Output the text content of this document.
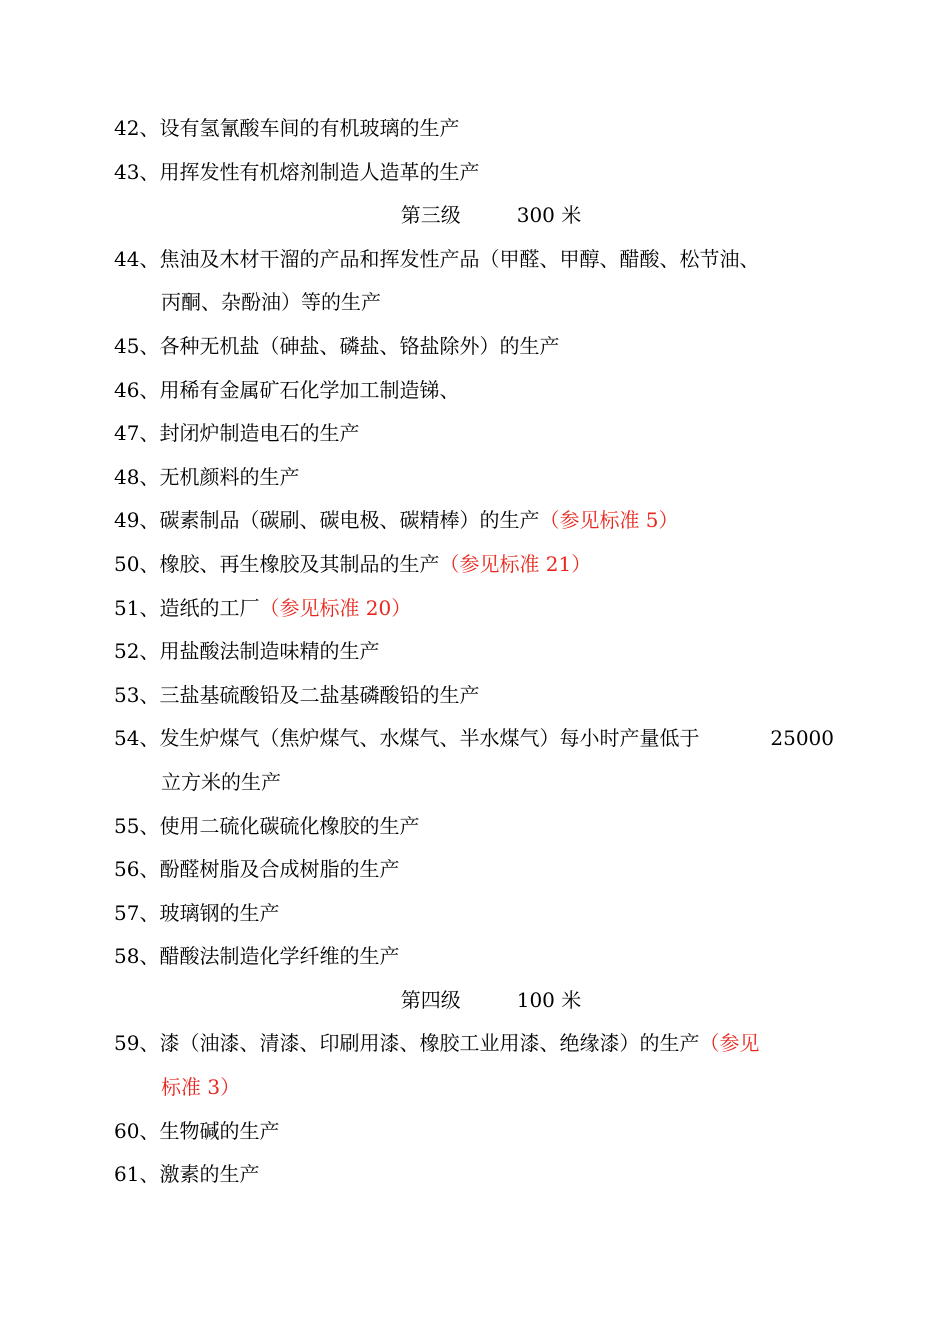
42、设有氢氰酸车间的有机玻璃的生产
43、用挥发性有机熔剂制造人造革的生产
第三级	300 米
44、焦油及木材干溜的产品和挥发性产品（甲醛、甲醇、醋酸、松节油、
丙酮、杂酚油）等的生产
45、各种无机盐（砷盐、磷盐、铬盐除外）的生产
46、用稀有金属矿石化学加工制造锑、
47、封闭炉制造电石的生产
48、无机颜料的生产
49、碳素制品（碳刷、碳电极、碳精棒）的生产（参见标准 5）
50、橡胶、再生橡胶及其制品的生产（参见标准 21）
51、造纸的工厂（参见标准 20）
52、用盐酸法制造味精的生产
53、三盐基硫酸铅及二盐基磷酸铅的生产
54、发生炉煤气（焦炉煤气、水煤气、半水煤气）每小时产量低于	25000
立方米的生产
55、使用二硫化碳硫化橡胶的生产
56、酚醛树脂及合成树脂的生产
57、玻璃钢的生产
58、醋酸法制造化学纤维的生产
第四级	100 米
59、漆（油漆、清漆、印刷用漆、橡胶工业用漆、绝缘漆）的生产（参见
标准 3）
60、生物碱的生产
61、激素的生产
